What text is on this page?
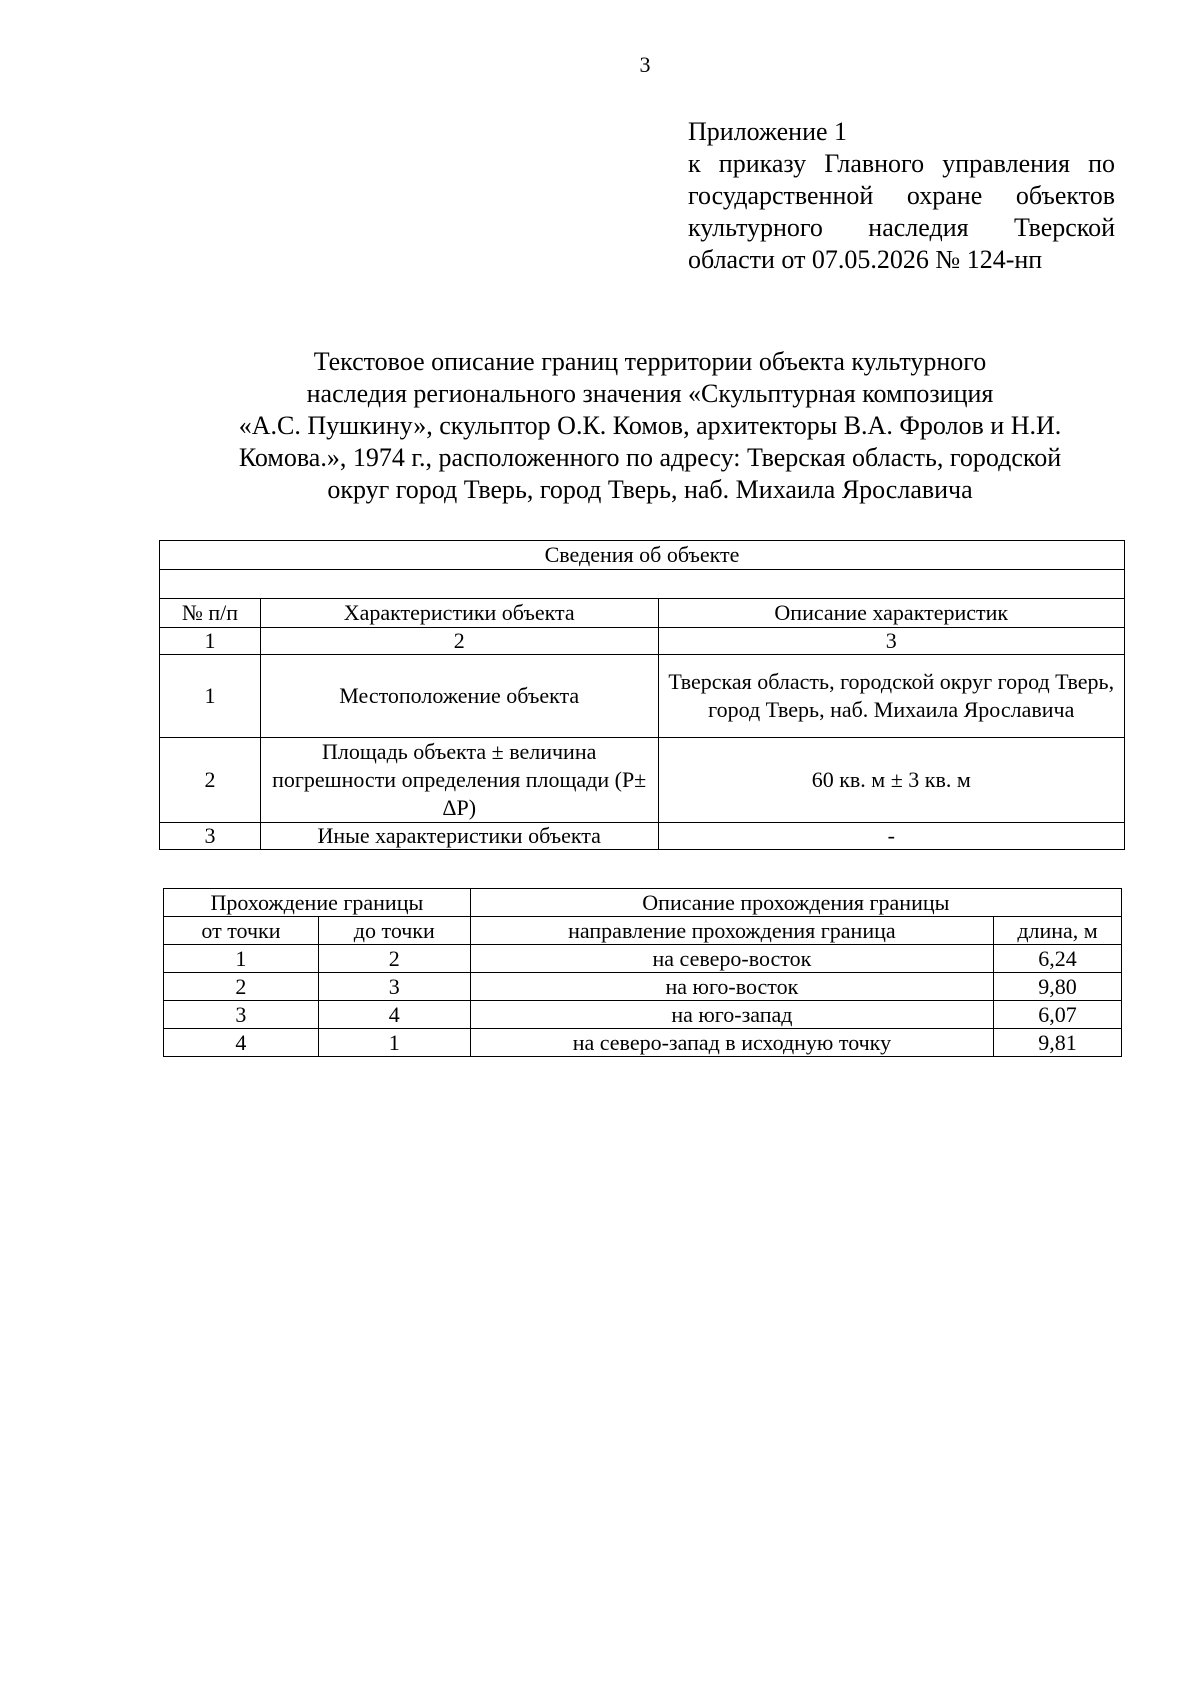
3
Приложение 1
к приказу Главного управления по
государственной охране объектов
культурного наследия Тверской
области от 07.05.2026 № 124-нп
Текстовое описание границ территории объекта культурного
наследия регионального значения «Скульптурная композиция
«А.С. Пушкину», скульптор О.К. Комов, архитекторы В.А. Фролов и Н.И.
Комова.», 1974 г., расположенного по адресу: Тверская область, городской
округ город Тверь, город Тверь, наб. Михаила Ярославича
Сведения об объекте		

№ п/п	Характеристики объекта	Описание характеристик
1	2	3
1	Местоположение объекта	Тверская область, городской округ город Тверь, город Тверь, наб. Михаила Ярославича
2	Площадь объекта ± величина погрешности определения площади (Р± ΔР)	60 кв. м ± 3 кв. м
3	Иные характеристики объекта	-
Прохождение границы		Описание прохождения границы	
от точки	до точки	направление прохождения граница	длина, м
1	2	на северо-восток	6,24
2	3	на юго-восток	9,80
3	4	на юго-запад	6,07
4	1	на северо-запад в исходную точку	9,81
